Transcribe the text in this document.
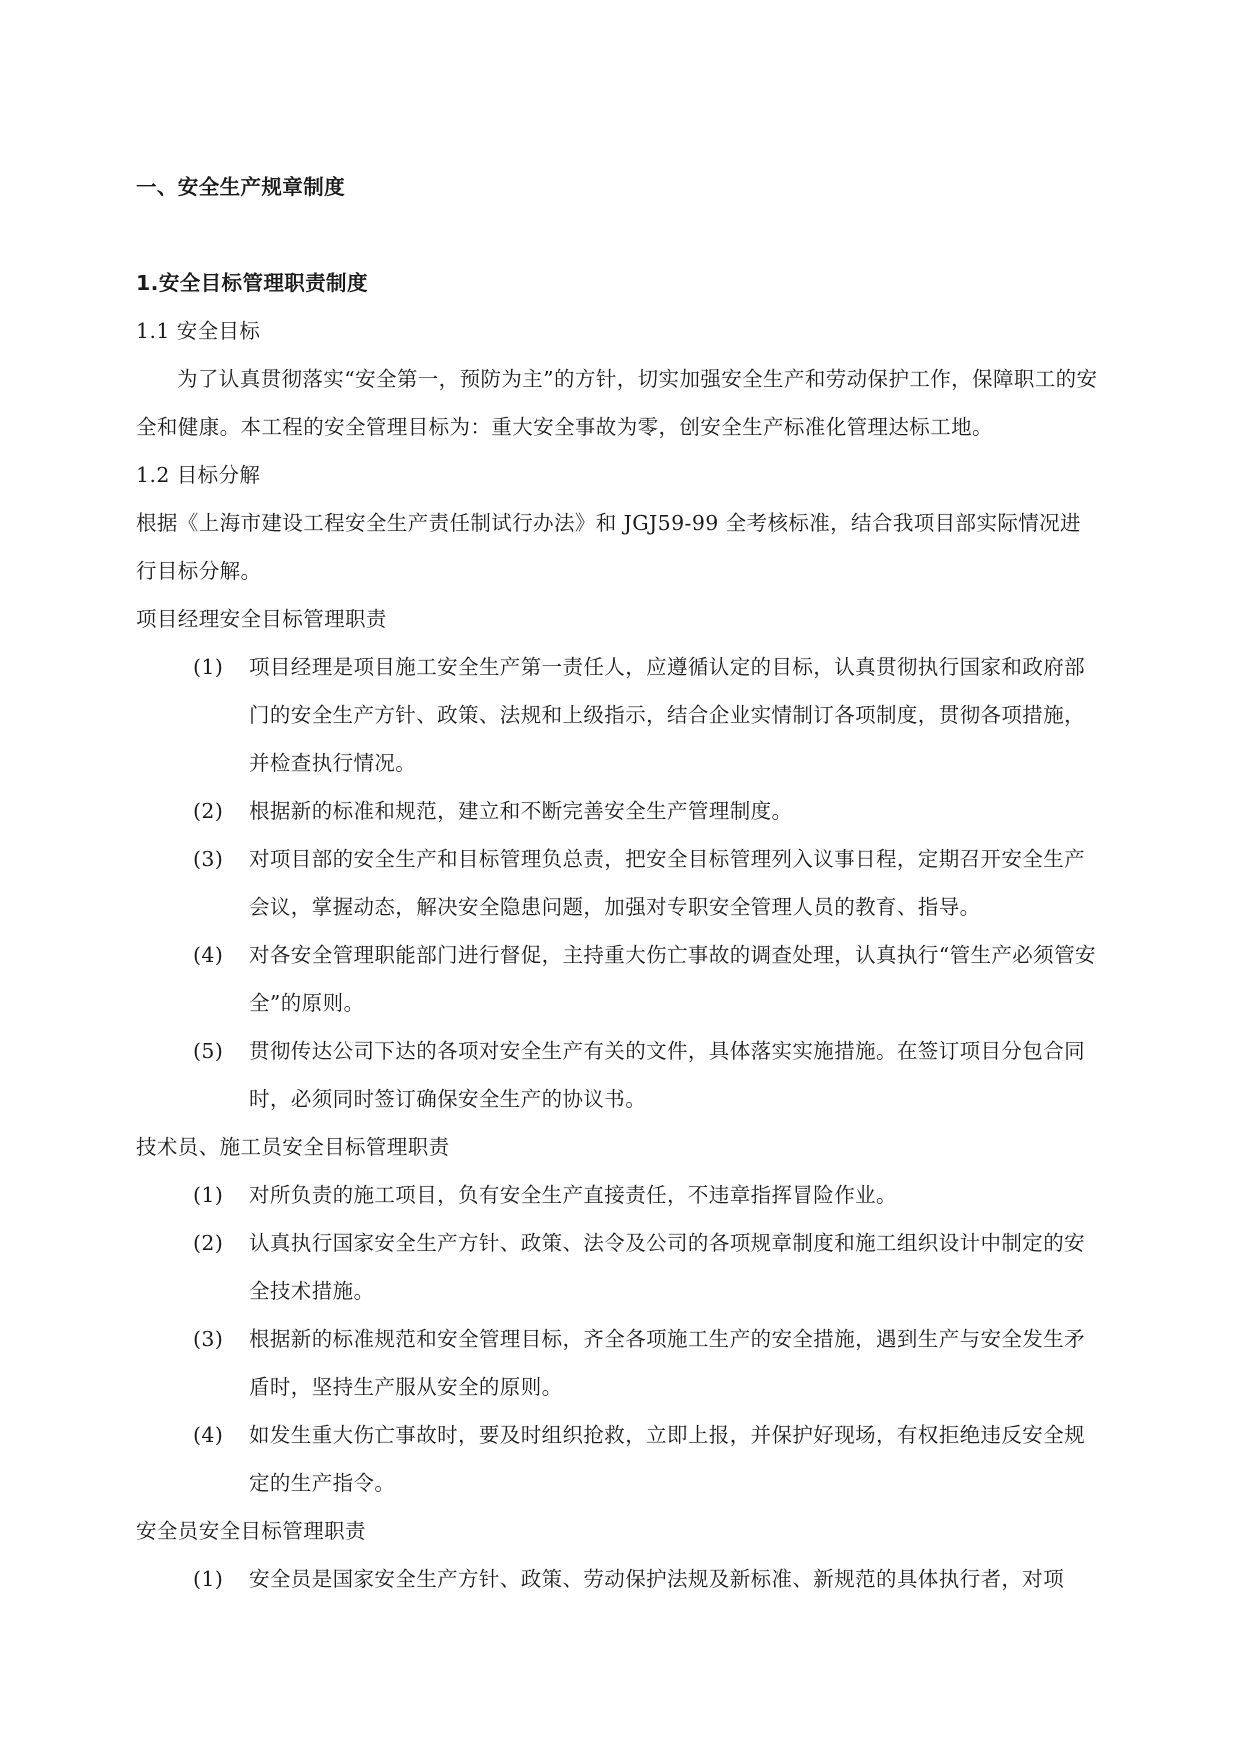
一、安全生产规章制度
1.安全目标管理职责制度
1.1 安全目标

为了认真贯彻落实“安全第一，预防为主”的方针，切实加强安全生产和劳动保护工作，保障职工的安全和健康。本工程的安全管理目标为：重大安全事故为零，创安全生产标准化管理达标工地。

1.2 目标分解

根据《上海市建设工程安全生产责任制试行办法》和 JGJ59-99 全考核标准，结合我项目部实际情况进行目标分解。

项目经理安全目标管理职责
(1)	项目经理是项目施工安全生产第一责任人，应遵循认定的目标，认真贯彻执行国家和政府部门的安全生产方针、政策、法规和上级指示，结合企业实情制订各项制度，贯彻各项措施，并检查执行情况。
(2)	根据新的标准和规范，建立和不断完善安全生产管理制度。
(3)	对项目部的安全生产和目标管理负总责，把安全目标管理列入议事日程，定期召开安全生产会议，掌握动态，解决安全隐患问题，加强对专职安全管理人员的教育、指导。
(4)	对各安全管理职能部门进行督促，主持重大伤亡事故的调查处理，认真执行“管生产必须管安全”的原则。
(5)	贯彻传达公司下达的各项对安全生产有关的文件，具体落实实施措施。在签订项目分包合同时，必须同时签订确保安全生产的协议书。
技术员、施工员安全目标管理职责
(1)	对所负责的施工项目，负有安全生产直接责任，不违章指挥冒险作业。
(2)	认真执行国家安全生产方针、政策、法令及公司的各项规章制度和施工组织设计中制定的安全技术措施。
(3)	根据新的标准规范和安全管理目标，齐全各项施工生产的安全措施，遇到生产与安全发生矛盾时，坚持生产服从安全的原则。
(4)	如发生重大伤亡事故时，要及时组织抢救，立即上报，并保护好现场，有权拒绝违反安全规定的生产指令。
安全员安全目标管理职责
(1)	安全员是国家安全生产方针、政策、劳动保护法规及新标准、新规范的具体执行者，对项
